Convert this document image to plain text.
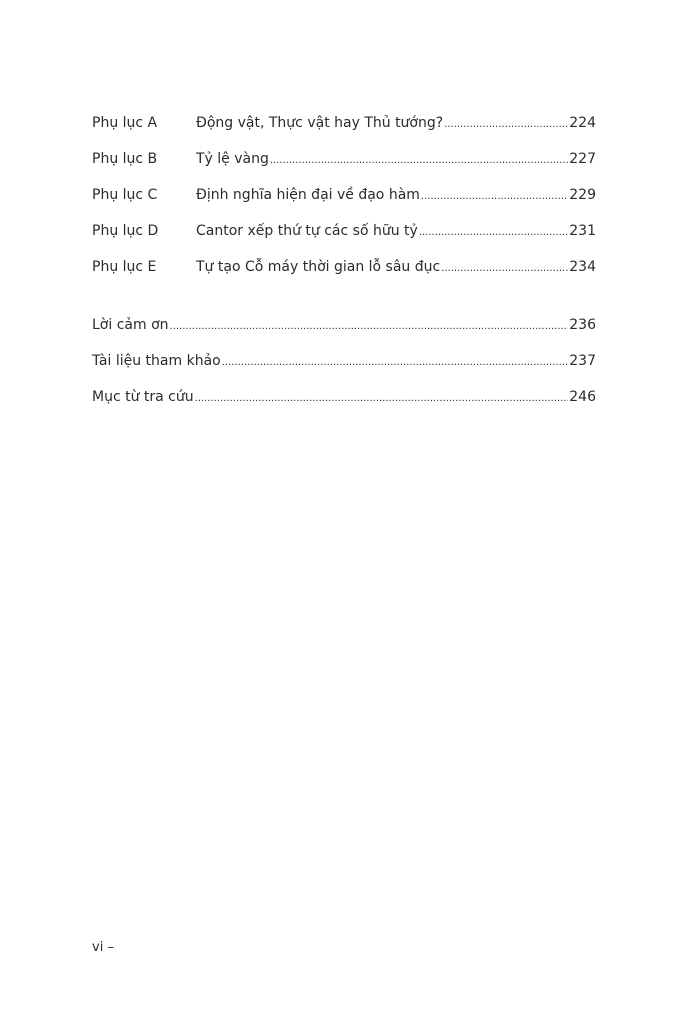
Phụ lục A	Động vật, Thực vật hay Thủ tướng? .....	224
Phụ lục B	Tỷ lệ vàng .....	227
Phụ lục C	Định nghĩa hiện đại về đạo hàm .....	229
Phụ lục D	Cantor xếp thứ tự các số hữu tỷ .....	231
Phụ lục E	Tự tạo Cỗ máy thời gian lỗ sâu đục .....	234
Lời cảm ơn .....	236
Tài liệu tham khảo .....	237
Mục từ tra cứu .....	246
vi –
